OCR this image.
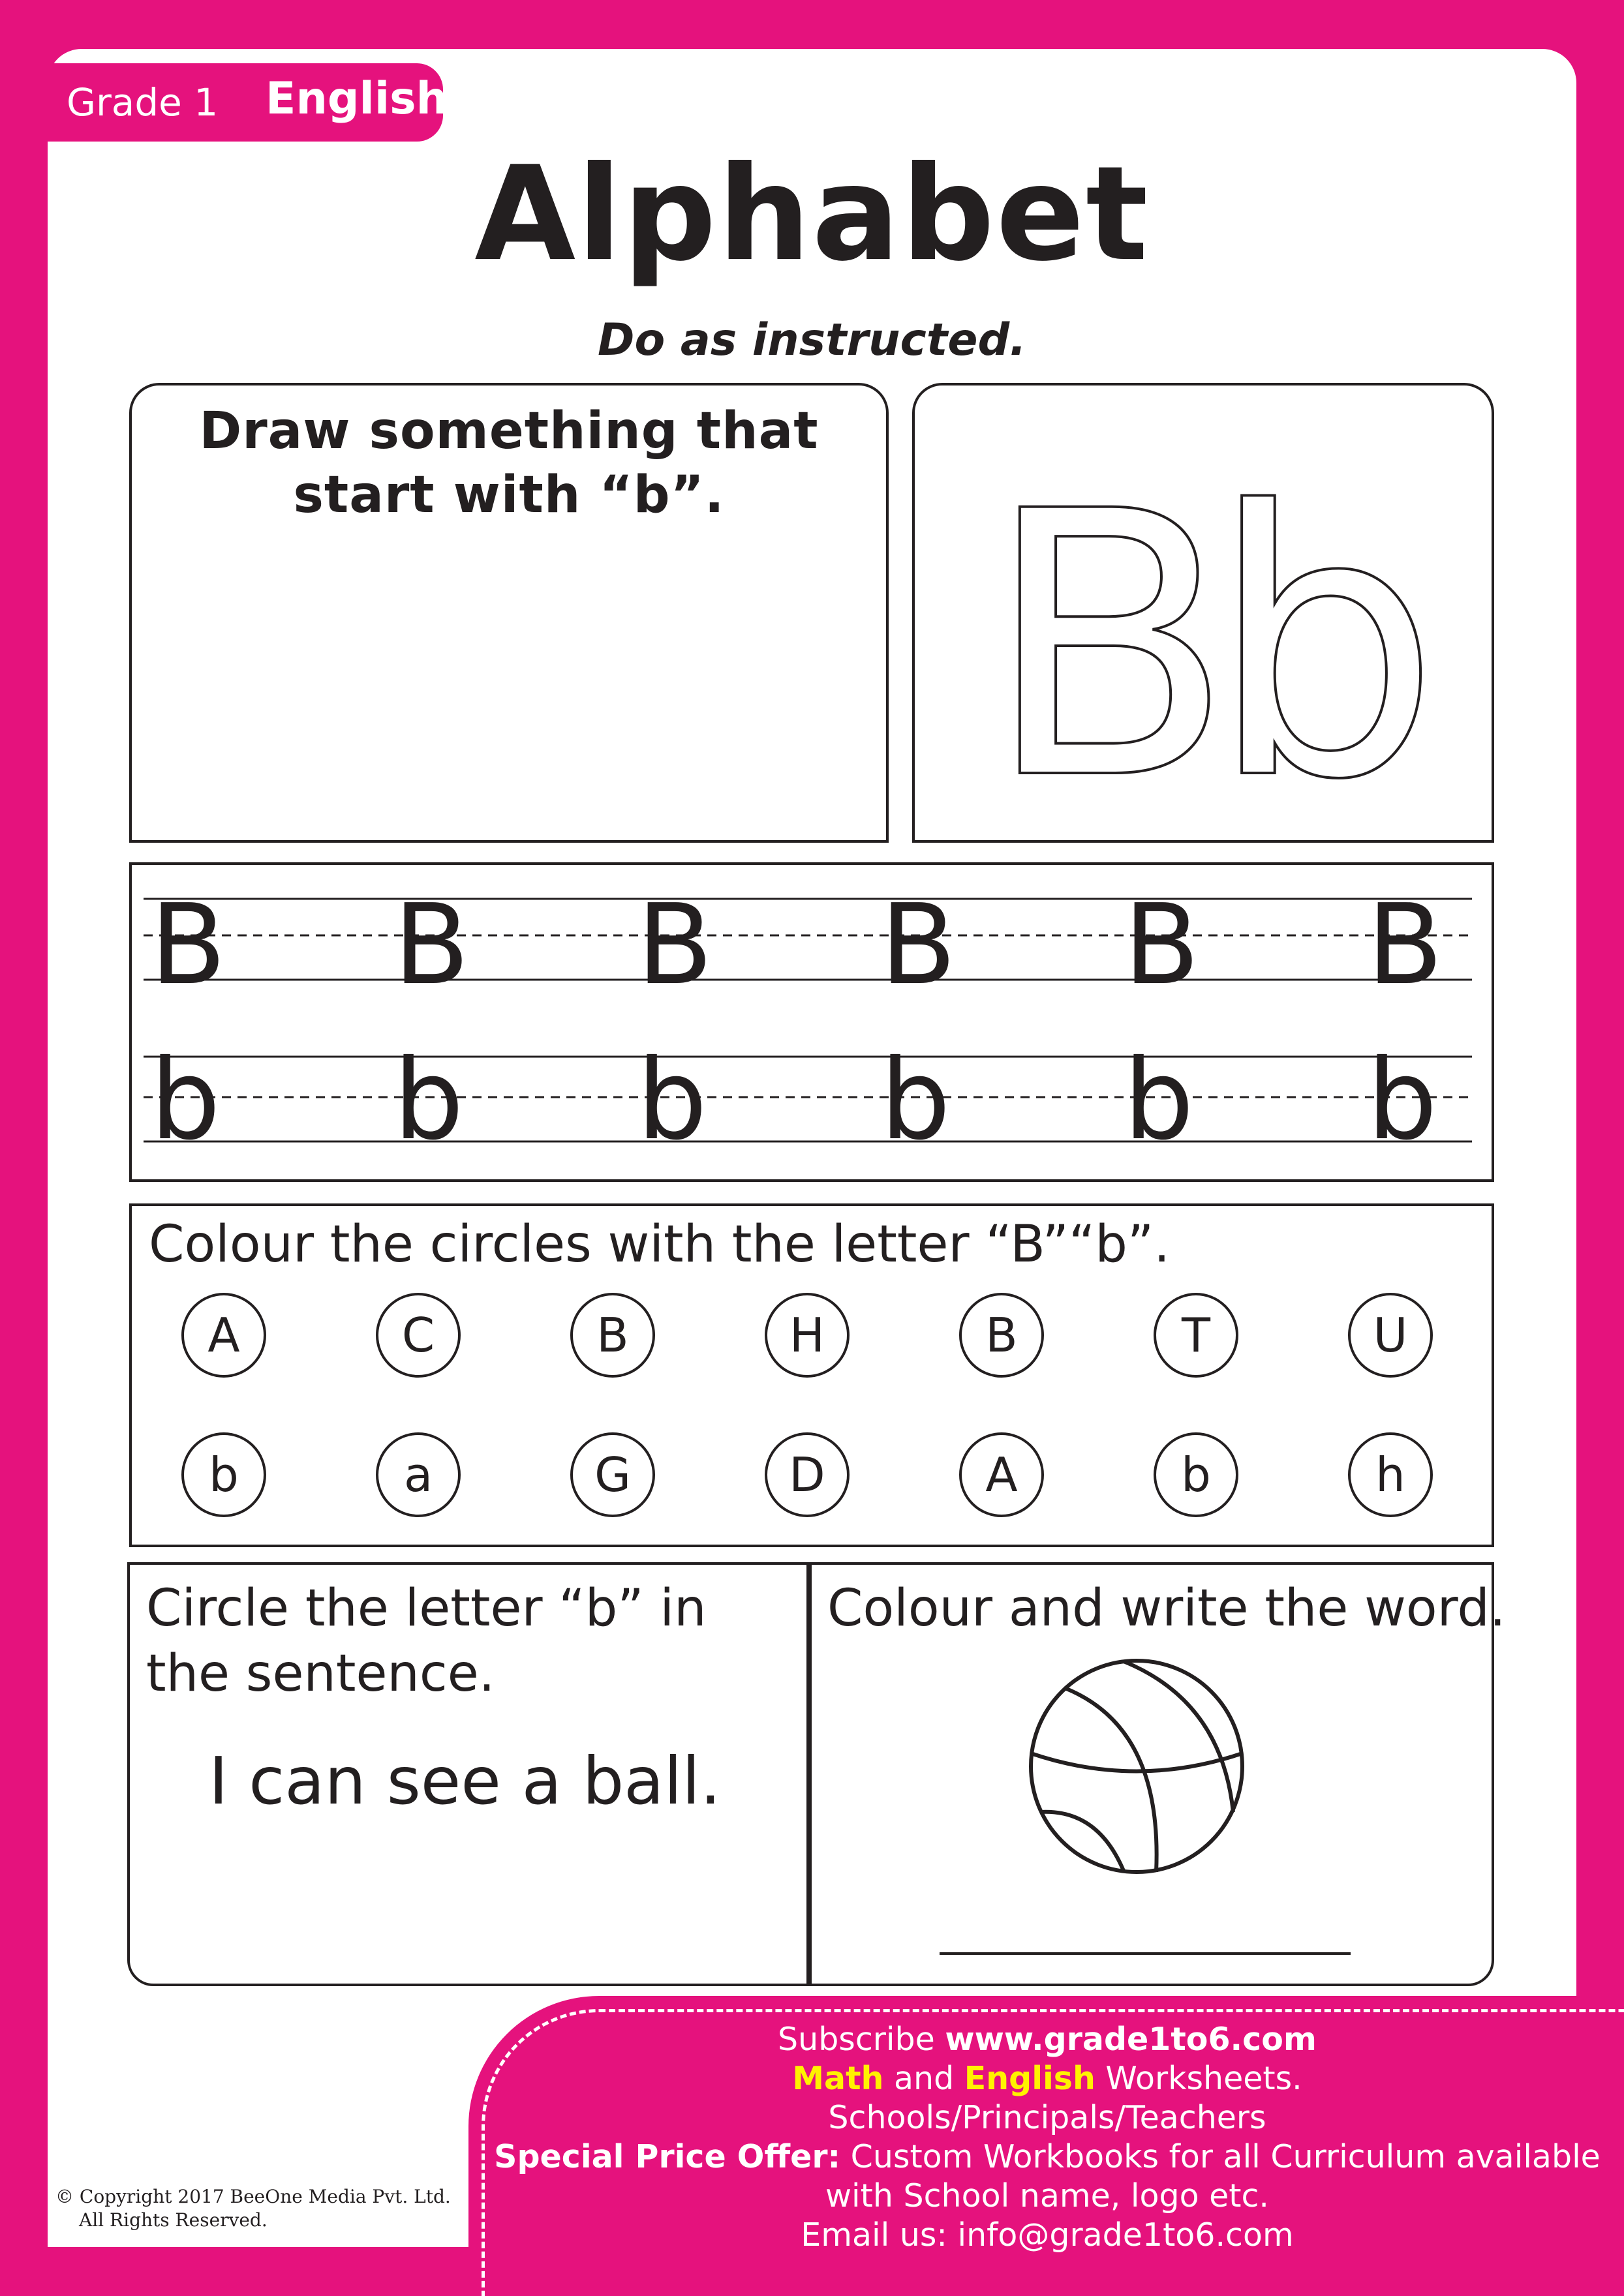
Grade 1 English
Alphabet
Do as instructed.
Draw something that
start with “b”. B
b
B B B B B B
b b b b b b
Colour the circles with the letter “B”“b”.
A	C	B	H	B	T	U
b	a	G	D	A	b	h
Circle the letter “b” in
the sentence.
I can see a ball.
Colour and write the word.
Subscribe www.grade1to6.com
Math and English Worksheets.
Schools/Principals/Teachers
Special Price Offer: Custom Workbooks for all Curriculum available
with School name, logo etc.
Email us: info@grade1to6.com
© Copyright 2017 BeeOne Media Pvt. Ltd.
All Rights Reserved.
